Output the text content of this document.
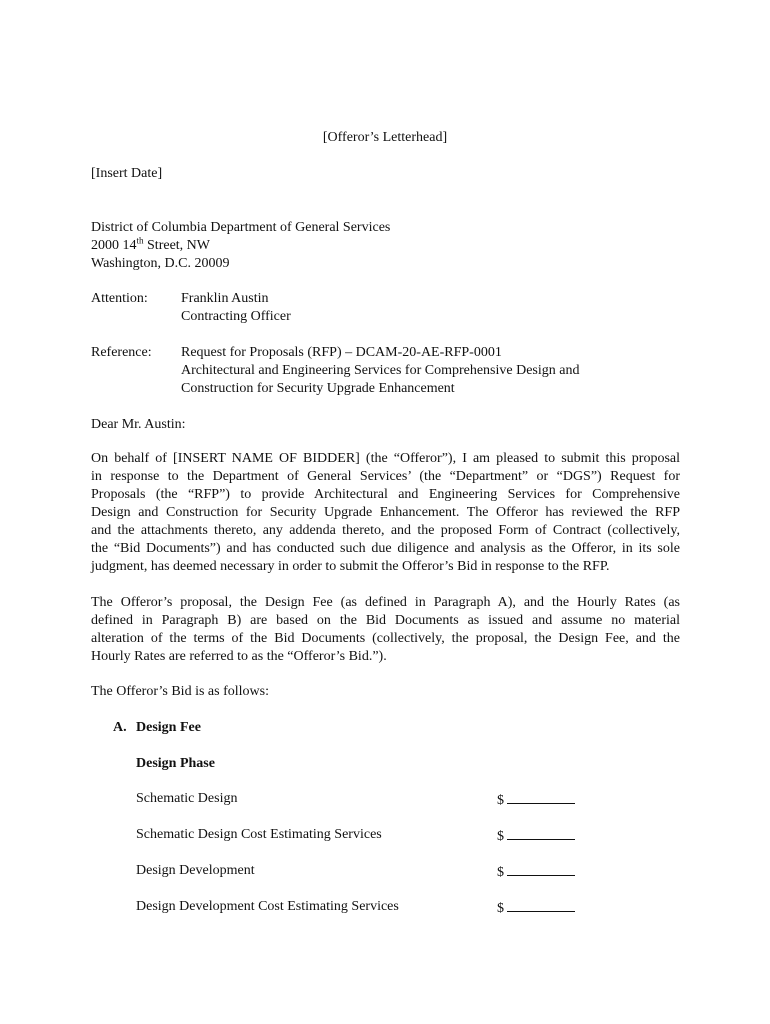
[Offeror’s Letterhead]
[Insert Date]
District of Columbia Department of General Services
2000 14th Street, NW
Washington, D.C. 20009
Attention: Franklin Austin
Contracting Officer
Reference: Request for Proposals (RFP) – DCAM-20-AE-RFP-0001
Architectural and Engineering Services for Comprehensive Design and
Construction for Security Upgrade Enhancement
Dear Mr. Austin:
On behalf of [INSERT NAME OF BIDDER] (the “Offeror”), I am pleased to submit this proposal
in response to the Department of General Services’ (the “Department” or “DGS”) Request for
Proposals (the “RFP”) to provide Architectural and Engineering Services for Comprehensive
Design and Construction for Security Upgrade Enhancement. The Offeror has reviewed the RFP
and the attachments thereto, any addenda thereto, and the proposed Form of Contract (collectively,
the “Bid Documents”) and has conducted such due diligence and analysis as the Offeror, in its sole
judgment, has deemed necessary in order to submit the Offeror’s Bid in response to the RFP.
The Offeror’s proposal, the Design Fee (as defined in Paragraph A), and the Hourly Rates (as
defined in Paragraph B) are based on the Bid Documents as issued and assume no material
alteration of the terms of the Bid Documents (collectively, the proposal, the Design Fee, and the
Hourly Rates are referred to as the “Offeror’s Bid.”).
The Offeror’s Bid is as follows:
A. Design Fee
Design Phase
Schematic Design	$
Schematic Design Cost Estimating Services	$
Design Development	$
Design Development Cost Estimating Services	$
